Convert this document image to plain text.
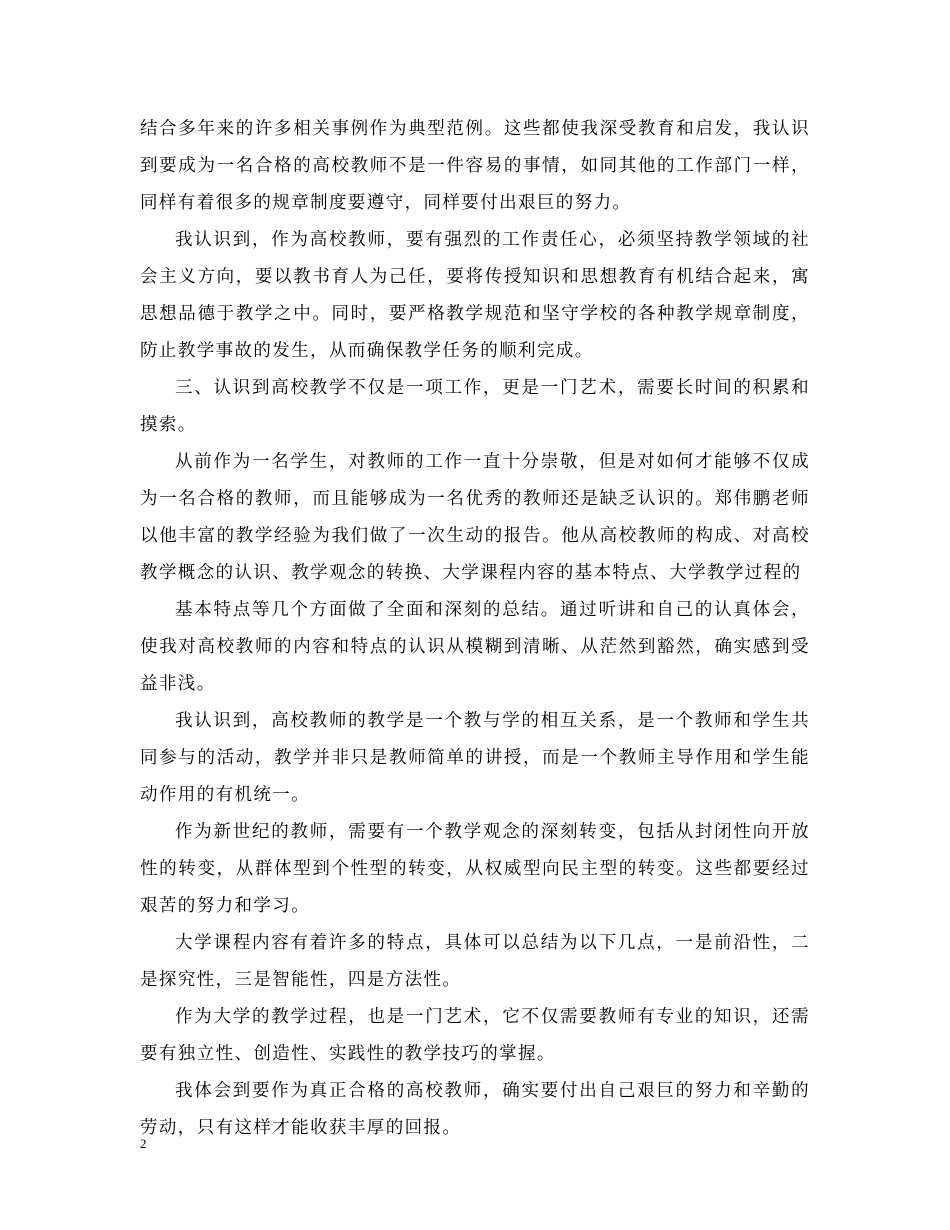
结合多年来的许多相关事例作为典型范例。这些都使我深受教育和启发，我认识到要成为一名合格的高校教师不是一件容易的事情，如同其他的工作部门一样，同样有着很多的规章制度要遵守，同样要付出艰巨的努力。

我认识到，作为高校教师，要有强烈的工作责任心，必须坚持教学领域的社会主义方向，要以教书育人为己任，要将传授知识和思想教育有机结合起来，寓思想品德于教学之中。同时，要严格教学规范和坚守学校的各种教学规章制度，防止教学事故的发生，从而确保教学任务的顺利完成。

三、认识到高校教学不仅是一项工作，更是一门艺术，需要长时间的积累和摸索。

从前作为一名学生，对教师的工作一直十分崇敬，但是对如何才能够不仅成为一名合格的教师，而且能够成为一名优秀的教师还是缺乏认识的。郑伟鹏老师以他丰富的教学经验为我们做了一次生动的报告。他从高校教师的构成、对高校教学概念的认识、教学观念的转换、大学课程内容的基本特点、大学教学过程的

基本特点等几个方面做了全面和深刻的总结。通过听讲和自己的认真体会，使我对高校教师的内容和特点的认识从模糊到清晰、从茫然到豁然，确实感到受益非浅。

我认识到，高校教师的教学是一个教与学的相互关系，是一个教师和学生共同参与的活动，教学并非只是教师简单的讲授，而是一个教师主导作用和学生能动作用的有机统一。

作为新世纪的教师，需要有一个教学观念的深刻转变，包括从封闭性向开放性的转变，从群体型到个性型的转变，从权威型向民主型的转变。这些都要经过艰苦的努力和学习。

大学课程内容有着许多的特点，具体可以总结为以下几点，一是前沿性，二是探究性，三是智能性，四是方法性。

作为大学的教学过程，也是一门艺术，它不仅需要教师有专业的知识，还需要有独立性、创造性、实践性的教学技巧的掌握。

我体会到要作为真正合格的高校教师，确实要付出自己艰巨的努力和辛勤的劳动，只有这样才能收获丰厚的回报。

2
